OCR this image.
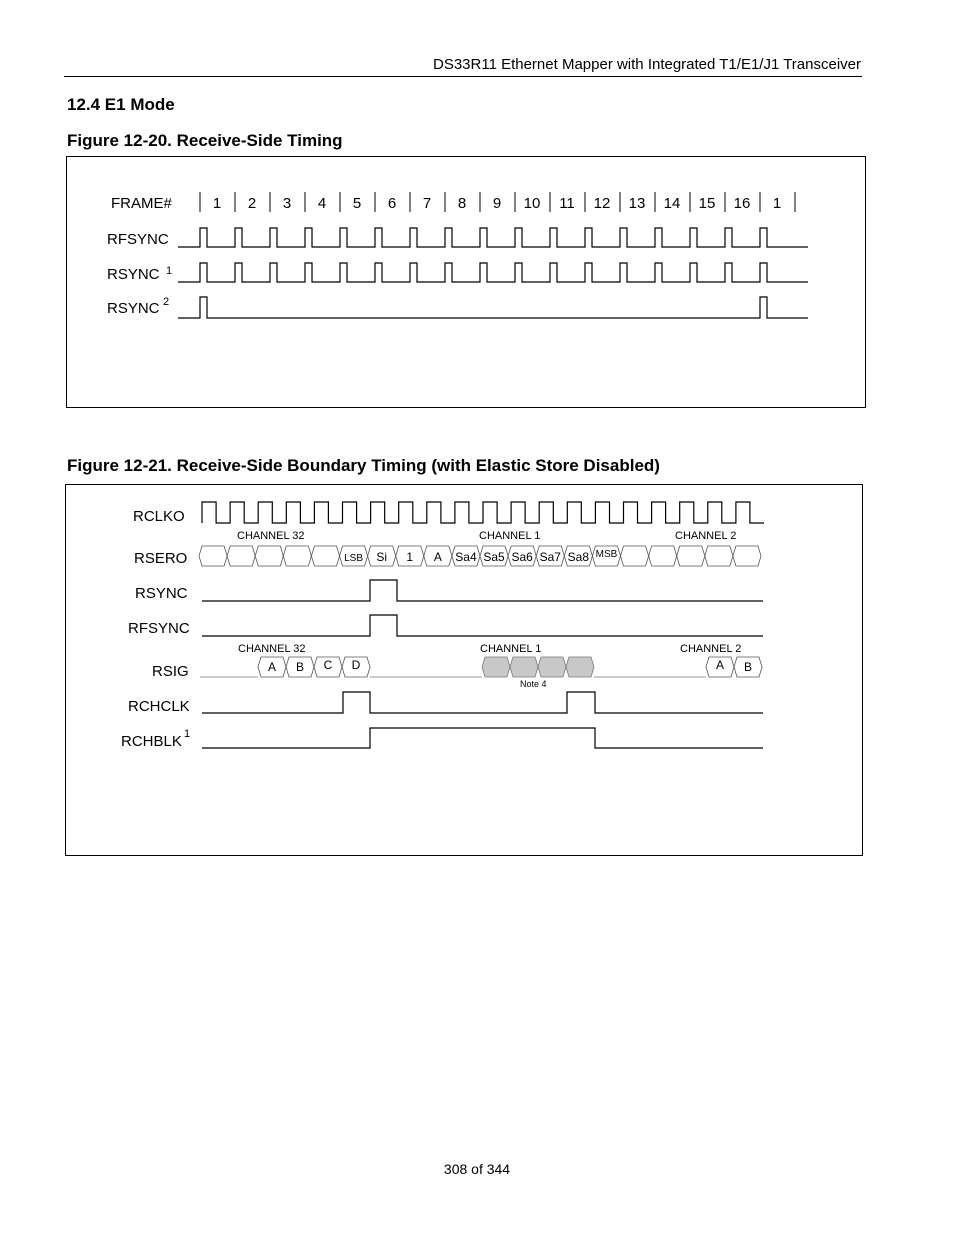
DS33R11 Ethernet Mapper with Integrated T1/E1/J1 Transceiver
12.4 E1 Mode
Figure 12-20. Receive-Side Timing
Figure 12-21. Receive-Side Boundary Timing (with Elastic Store Disabled)
FRAME#
RFSYNC
RSYNC 1
RSYNC 2
1 2 3 4 5 6 7 8 9 10 11 12 13 14 15 16 1
RCLKO
RSERO
RSYNC
RFSYNC
RSIG
RCHCLK
RCHBLK 1
CHANNEL 32	CHANNEL 1	CHANNEL 2
CHANNEL 32	CHANNEL 1	CHANNEL 2
Note 4
LSB Si 1 A Sa4 Sa5 Sa6 Sa7 Sa8 MSB
A B C D	A B
308 of 344
